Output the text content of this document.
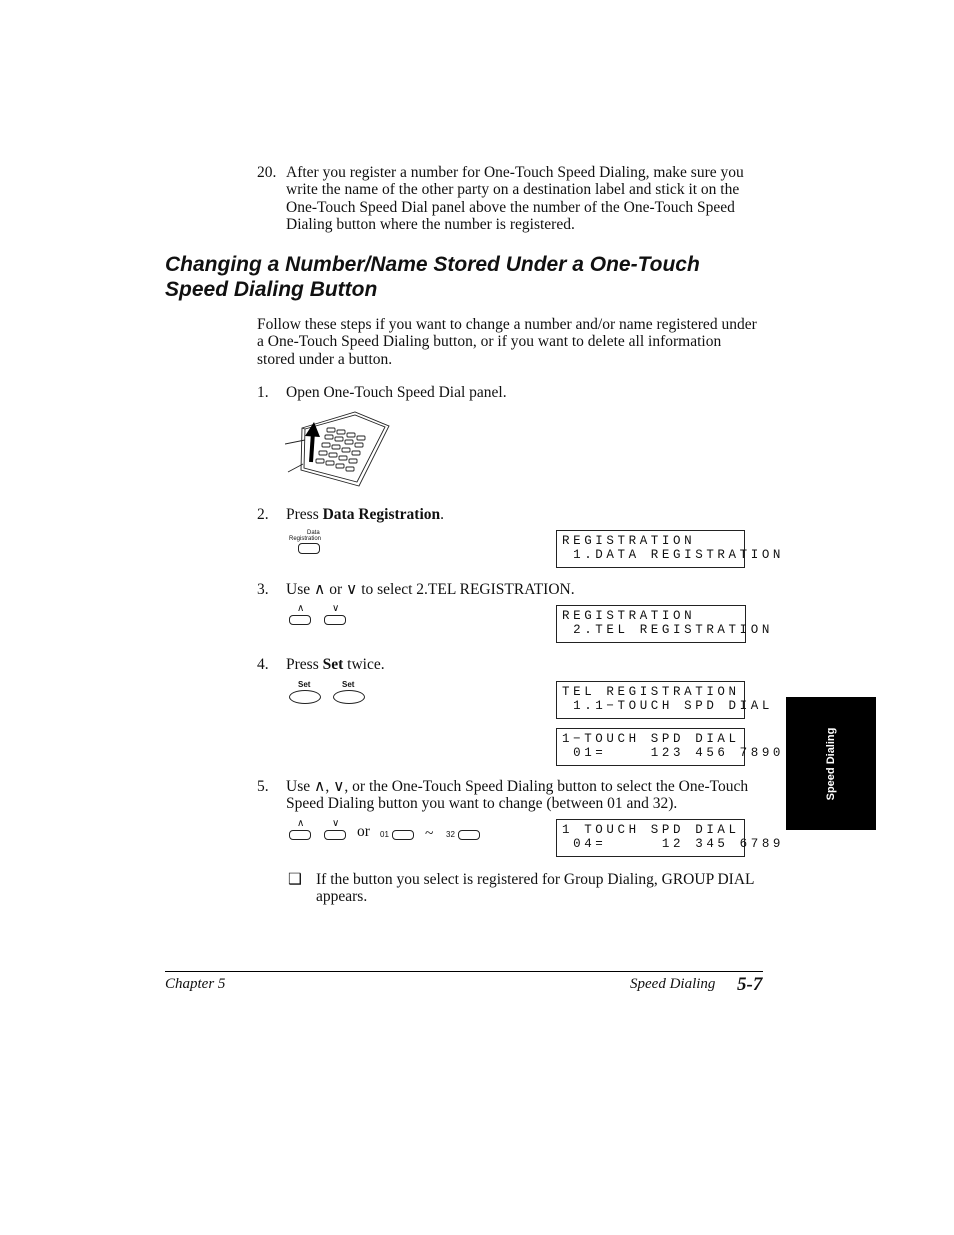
20. After you register a number for One-Touch Speed Dialing, make sure you write the name of the other party on a destination label and stick it on the One-Touch Speed Dial panel above the number of the One-Touch Speed Dialing button where the number is registered.
Changing a Number/Name Stored Under a One-Touch
Speed Dialing Button
Follow these steps if you want to change a number and/or name registered under a One-Touch Speed Dialing button, or if you want to delete all information stored under a button.
1. Open One-Touch Speed Dial panel.
2. Press Data Registration.
Data
Registration	REGISTRATION
1.DATA REGISTRATION
3. Use ∧ or ∨ to select 2.TEL REGISTRATION.
∧	∨
REGISTRATION
2.TEL REGISTRATION
4. Press Set twice.
Set	Set
TEL REGISTRATION
1.1−TOUCH SPD DIAL
1−TOUCH SPD DIAL
01=    123 456 7890
5. Use ∧, ∨, or the One-Touch Speed Dialing button to select the One-Touch Speed Dialing button you want to change (between 01 and 32).
∧	∨ or 01 ~ 32	1 TOUCH SPD DIAL
04=     12 345 6789
❑ If the button you select is registered for Group Dialing, GROUP DIAL appears.
Speed Dialing
Chapter 5	Speed Dialing 5-7
